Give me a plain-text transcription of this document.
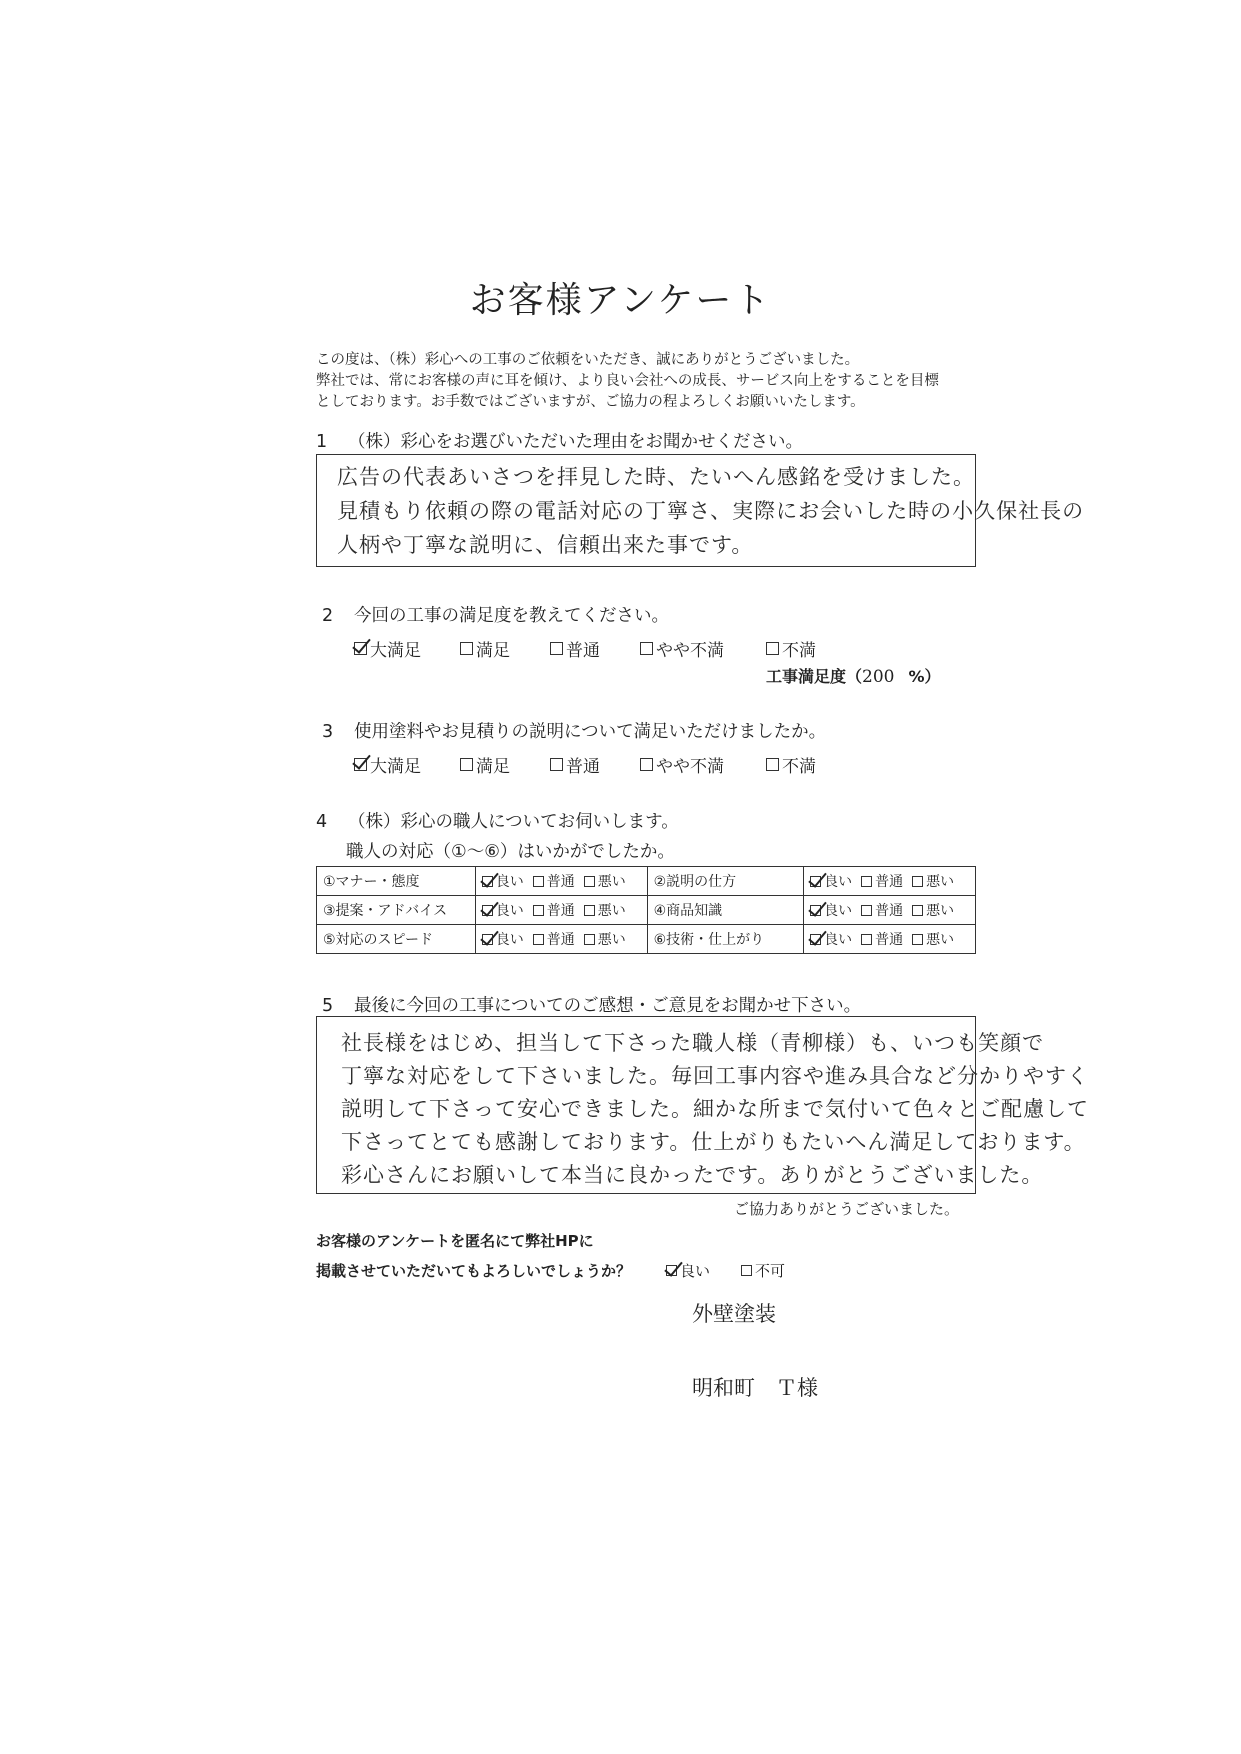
お客様アンケート
この度は、（株）彩心への工事のご依頼をいただき、誠にありがとうございました。
弊社では、常にお客様の声に耳を傾け、より良い会社への成長、サービス向上をすることを目標
としております。お手数ではございますが、ご協力の程よろしくお願いいたします。
1 （株）彩心をお選びいただいた理由をお聞かせください。
広告の代表あいさつを拝見した時、たいへん感銘を受けました。
見積もり依頼の際の電話対応の丁寧さ、実際にお会いした時の小久保社長の
人柄や丁寧な説明に、信頼出来た事です。
2 今回の工事の満足度を教えてください。
大満足	満足	普通	やや不満	不満
工事満足度（200 %）
3 使用塗料やお見積りの説明について満足いただけましたか。
大満足	満足	普通	やや不満	不満
4 （株）彩心の職人についてお伺いします。
職人の対応（①～⑥）はいかがでしたか。
①マナー・態度	良い 普通 悪い	②説明の仕方	良い 普通 悪い

③提案・アドバイス	良い 普通 悪い	④商品知識	良い 普通 悪い

⑤対応のスピード	良い 普通 悪い	⑥技術・仕上がり	良い 普通 悪い
5 最後に今回の工事についてのご感想・ご意見をお聞かせ下さい。
社長様をはじめ、担当して下さった職人様（青柳様）も、いつも笑顔で
丁寧な対応をして下さいました。毎回工事内容や進み具合など分かりやすく
説明して下さって安心できました。細かな所まで気付いて色々とご配慮して
下さってとても感謝しております。仕上がりもたいへん満足しております。
彩心さんにお願いして本当に良かったです。ありがとうございました。
ご協力ありがとうございました。
お客様のアンケートを匿名にて弊社HPに
掲載させていただいてもよろしいでしょうか？	良い	不可
外壁塗装
明和町　Ｔ様
